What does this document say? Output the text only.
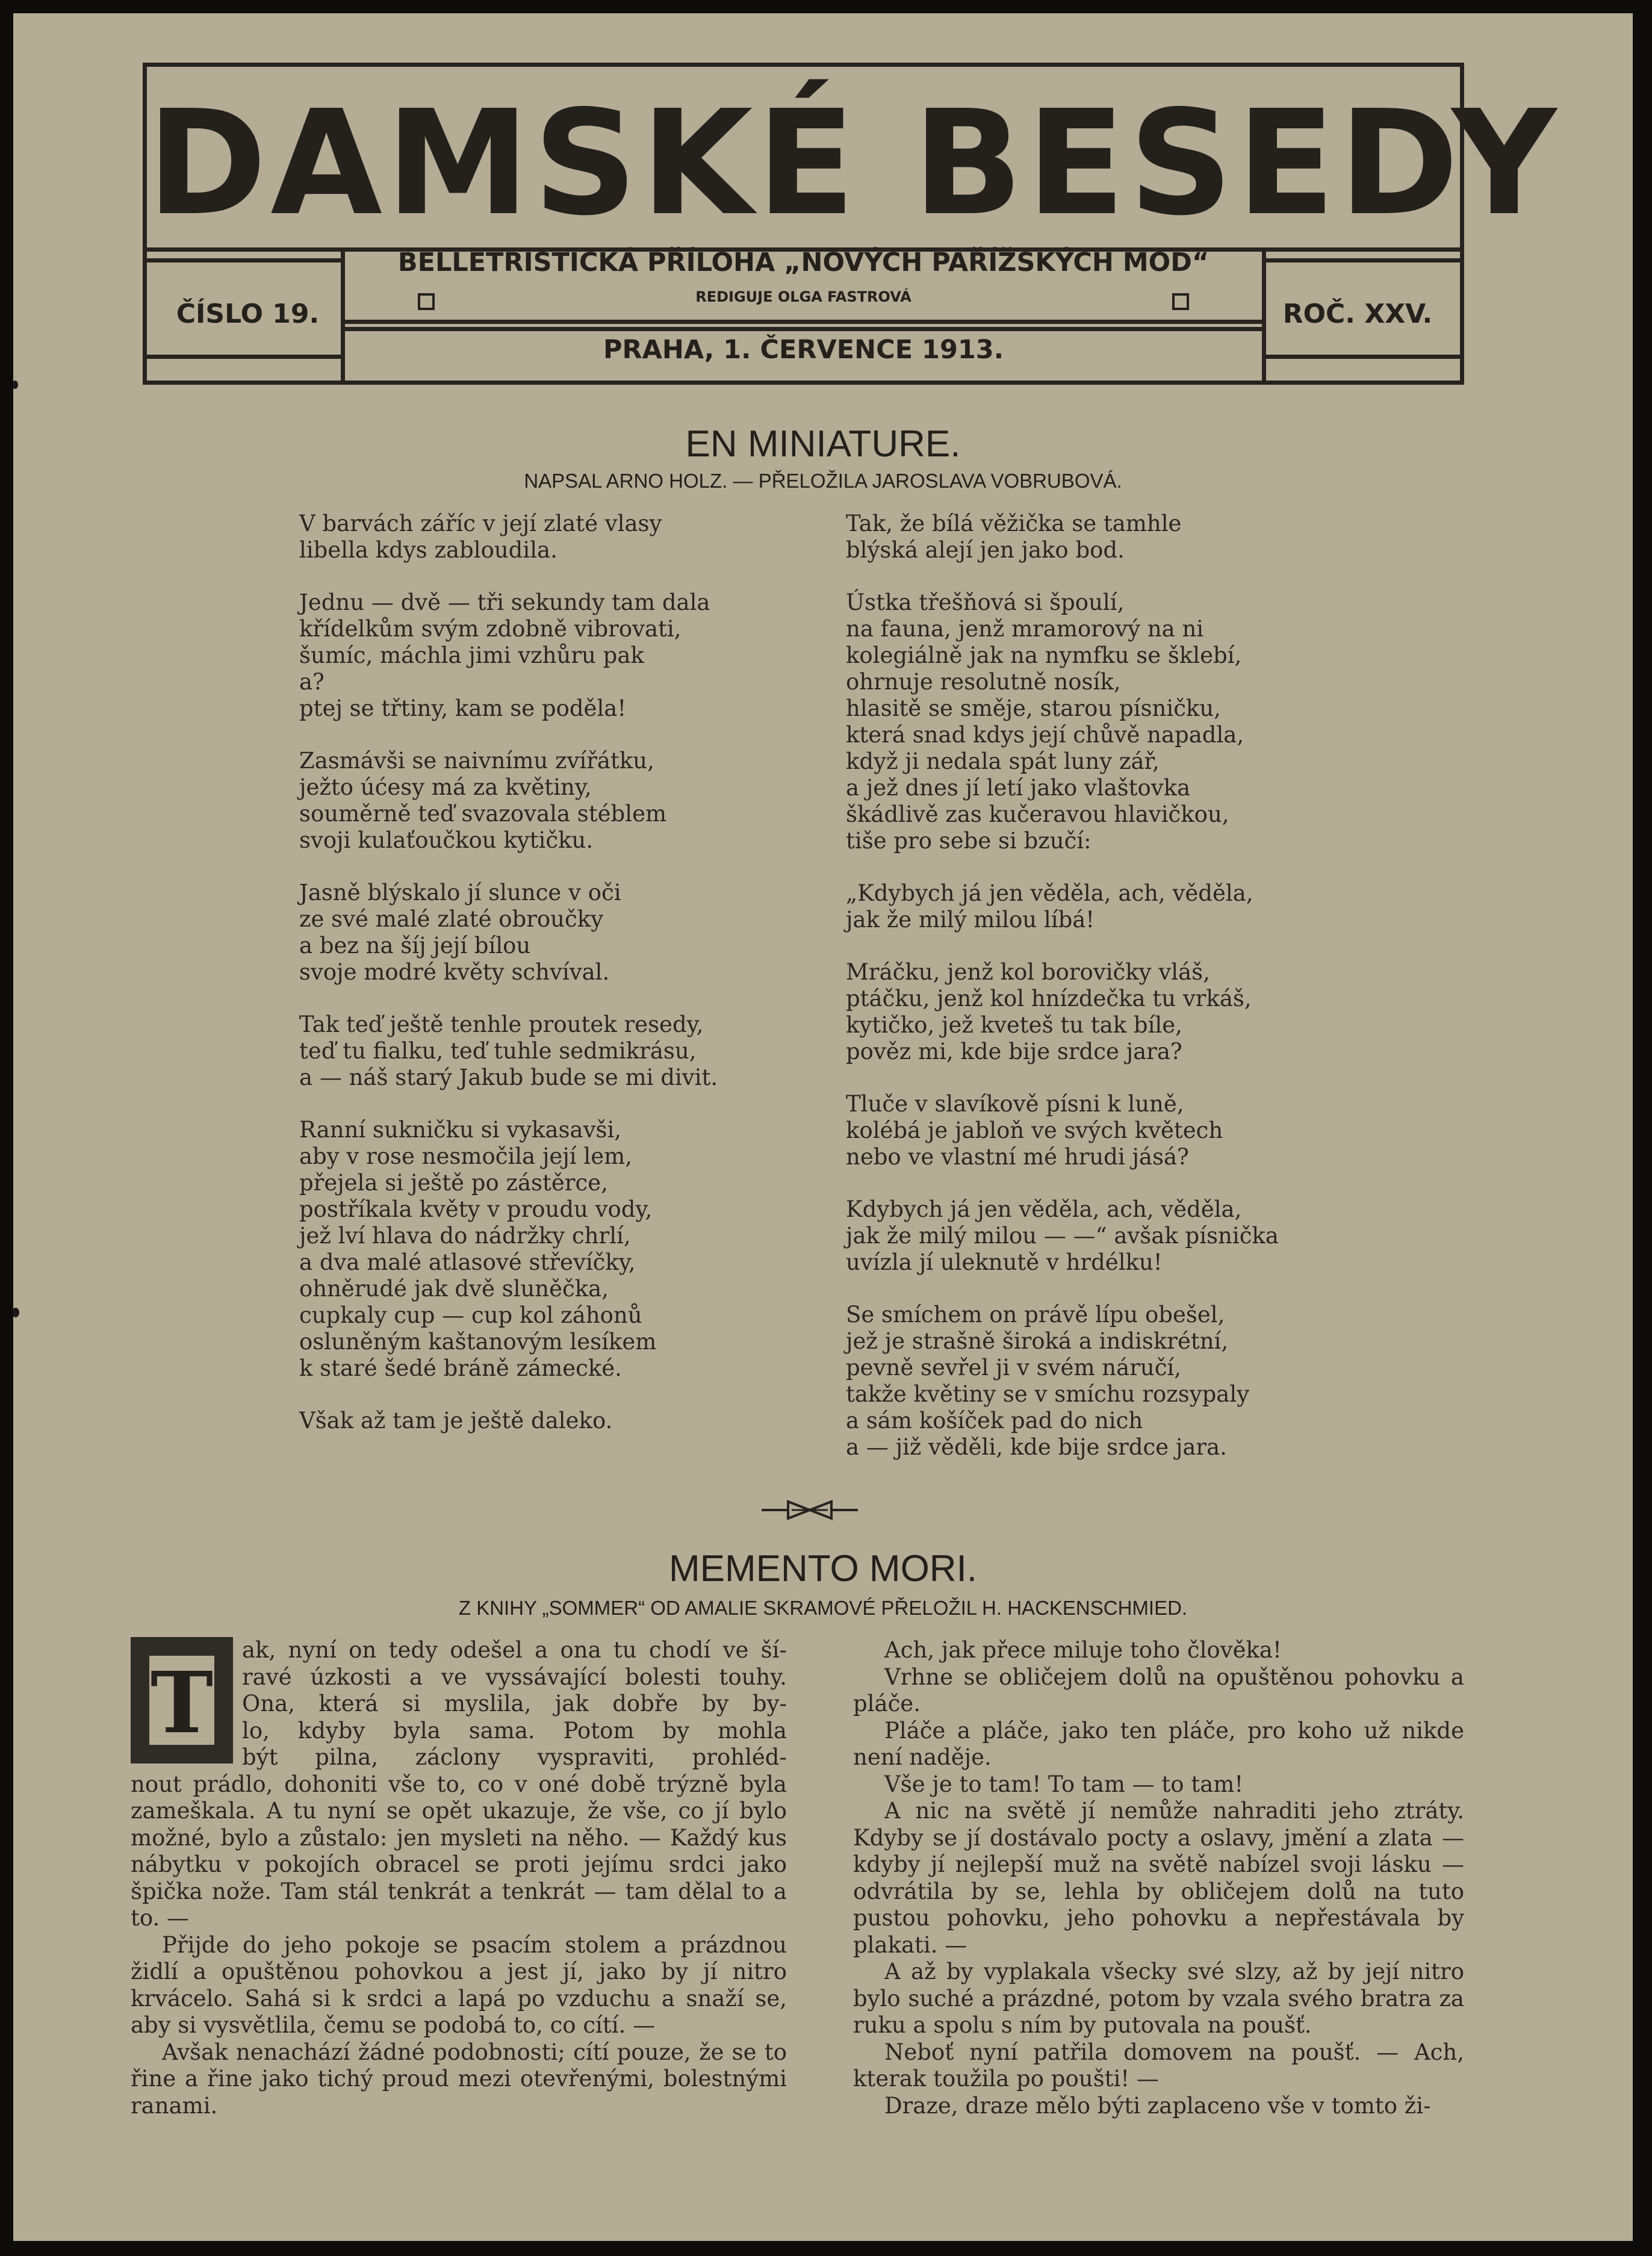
DAMSKÉ BESEDY
ČÍSLO 19.	ROČ. XXV.
BELLETRISTICKÁ PŘÍLOHA „NOVÝCH PAŘÍŽSKÝCH MOD“
REDIGUJE OLGA FASTROVÁ
PRAHA, 1. ČERVENCE 1913.
EN MINIATURE.
NAPSAL ARNO HOLZ. — PŘELOŽILA JAROSLAVA VOBRUBOVÁ.
V barvách záříc v její zlaté vlasy
libella kdys zabloudila.
Jednu — dvě — tři sekundy tam dala
křídelkům svým zdobně vibrovati,
šumíc, máchla jimi vzhůru pak
a?
ptej se třtiny, kam se poděla!
Zasmávši se naivnímu zvířátku,
ježto úćesy má za květiny,
souměrně teď svazovala stéblem
svoji kulaťoučkou kytičku.
Jasně blýskalo jí slunce v oči
ze své malé zlaté obroučky
a bez na šíj její bílou
svoje modré květy schvíval.
Tak teď ještě tenhle proutek resedy,
teď tu fialku, teď tuhle sedmikrásu,
a — náš starý Jakub bude se mi divit.
Ranní sukničku si vykasavši,
aby v rose nesmočila její lem,
přejela si ještě po zástěrce,
postříkala květy v proudu vody,
jež lví hlava do nádržky chrlí,
a dva malé atlasové střevíčky,
ohněrudé jak dvě sluněčka,
cupkaly cup — cup kol záhonů
osluněným kaštanovým lesíkem
k staré šedé bráně zámecké.
Však až tam je ještě daleko.
Tak, že bílá věžička se tamhle
blýská alejí jen jako bod.
Ústka třešňová si špoulí,
na fauna, jenž mramorový na ni
kolegiálně jak na nymfku se šklebí,
ohrnuje resolutně nosík,
hlasitě se směje, starou písničku,
která snad kdys její chůvě napadla,
když ji nedala spát luny zář,
a jež dnes jí letí jako vlaštovka
škádlivě zas kučeravou hlavičkou,
tiše pro sebe si bzučí:
„Kdybych já jen věděla, ach, věděla,
jak že milý milou líbá!
Mráčku, jenž kol borovičky vláš,
ptáčku, jenž kol hnízdečka tu vrkáš,
kytičko, jež kveteš tu tak bíle,
pověz mi, kde bije srdce jara?
Tluče v slavíkově písni k luně,
kolébá je jabloň ve svých květech
nebo ve vlastní mé hrudi jásá?
Kdybych já jen věděla, ach, věděla,
jak že milý milou — —“ avšak písnička
uvízla jí uleknutě v hrdélku!
Se smíchem on právě lípu obešel,
jež je strašně široká a indiskrétní,
pevně sevřel ji v svém náručí,
takže květiny se v smíchu rozsypaly
a sám košíček pad do nich
a — již věděli, kde bije srdce jara.
MEMENTO MORI.
Z KNIHY „SOMMER“ OD AMALIE SKRAMOVÉ PŘELOŽIL H. HACKENSCHMIED.
T

ak, nyní on tedy odešel a ona tu chodí ve ší-

ravé úzkosti a ve vyssávající bolesti touhy.

Ona, která si myslila, jak dobře by by-

lo, kdyby byla sama. Potom by mohla

být pilna, záclony vyspraviti, prohléd-

nout prádlo, dohoniti vše to, co v oné době trýzně byla zameškala. A tu nyní se opět ukazuje, že vše, co jí bylo možné, bylo a zůstalo: jen mysleti na něho. — Každý kus nábytku v pokojích obracel se proti jejímu srdci jako špička nože. Tam stál tenkrát a tenkrát — tam dělal to a to. —

Přijde do jeho pokoje se psacím stolem a prázdnou židlí a opuštěnou pohovkou a jest jí, jako by jí nitro krvácelo. Sahá si k srdci a lapá po vzduchu a snaží se, aby si vysvětlila, čemu se podobá to, co cítí. —

Avšak nenachází žádné podobnosti; cítí pouze, že se to řine a řine jako tichý proud mezi otevřenými, bolestnými ranami.

Ach, jak přece miluje toho člověka!

Vrhne se obličejem dolů na opuštěnou pohovku a pláče.

Pláče a pláče, jako ten pláče, pro koho už nikde není naděje.

Vše je to tam! To tam — to tam!

A nic na světě jí nemůže nahraditi jeho ztráty. Kdyby se jí dostávalo pocty a oslavy, jmění a zlata — kdyby jí nejlepší muž na světě nabízel svoji lásku — odvrátila by se, lehla by obličejem dolů na tuto pustou pohovku, jeho pohovku a nepřestávala by plakati. —

A až by vyplakala všecky své slzy, až by její nitro bylo suché a prázdné, potom by vzala svého bratra za ruku a spolu s ním by putovala na poušť.

Neboť nyní patřila domovem na poušť. — Ach, kterak toužila po poušti! —

Draze, draze mělo býti zaplaceno vše v tomto ži-
